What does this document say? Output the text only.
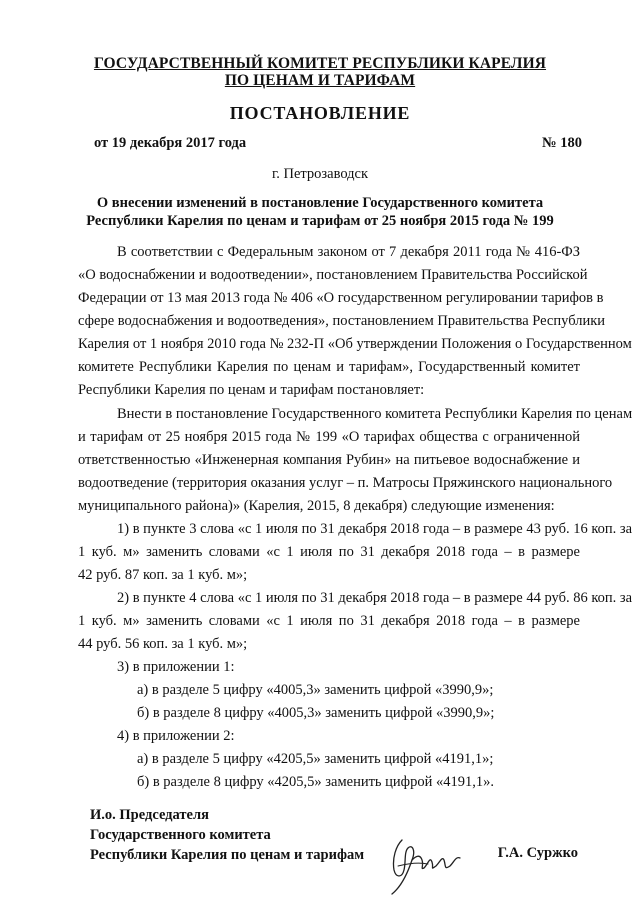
ГОСУДАРСТВЕННЫЙ КОМИТЕТ РЕСПУБЛИКИ КАРЕЛИЯ
ПО ЦЕНАМ И ТАРИФАМ
ПОСТАНОВЛЕНИЕ
от 19 декабря 2017 года	№ 180
г. Петрозаводск
О внесении изменений в постановление Государственного комитета
Республики Карелия по ценам и тарифам от 25 ноября 2015 года № 199
В соответствии с Федеральным законом от 7 декабря 2011 года № 416-ФЗ
«О водоснабжении и водоотведении», постановлением Правительства Российской
Федерации от 13 мая 2013 года № 406 «О государственном регулировании тарифов в
сфере водоснабжения и водоотведения», постановлением Правительства Республики
Карелия от 1 ноября 2010 года № 232-П «Об утверждении Положения о Государственном
комитете Республики Карелия по ценам и тарифам», Государственный комитет
Республики Карелия по ценам и тарифам постановляет:
Внести в постановление Государственного комитета Республики Карелия по ценам
и тарифам от 25 ноября 2015 года № 199 «О тарифах общества с ограниченной
ответственностью «Инженерная компания Рубин» на питьевое водоснабжение и
водоотведение (территория оказания услуг – п. Матросы Пряжинского национального
муниципального района)» (Карелия, 2015, 8 декабря) следующие изменения:
1) в пункте 3 слова «с 1 июля по 31 декабря 2018 года – в размере 43 руб. 16 коп. за
1 куб. м» заменить словами «с 1 июля по 31 декабря 2018 года – в размере
42 руб. 87 коп. за 1 куб. м»;
2) в пункте 4 слова «с 1 июля по 31 декабря 2018 года – в размере 44 руб. 86 коп. за
1 куб. м» заменить словами «с 1 июля по 31 декабря 2018 года – в размере
44 руб. 56 коп. за 1 куб. м»;
3) в приложении 1:
а) в разделе 5 цифру «4005,3» заменить цифрой «3990,9»;
б) в разделе 8 цифру «4005,3» заменить цифрой «3990,9»;
4) в приложении 2:
а) в разделе 5 цифру «4205,5» заменить цифрой «4191,1»;
б) в разделе 8 цифру «4205,5» заменить цифрой «4191,1».
И.о. Председателя
Государственного комитета
Республики Карелия по ценам и тарифам	Г.А. Суржко
